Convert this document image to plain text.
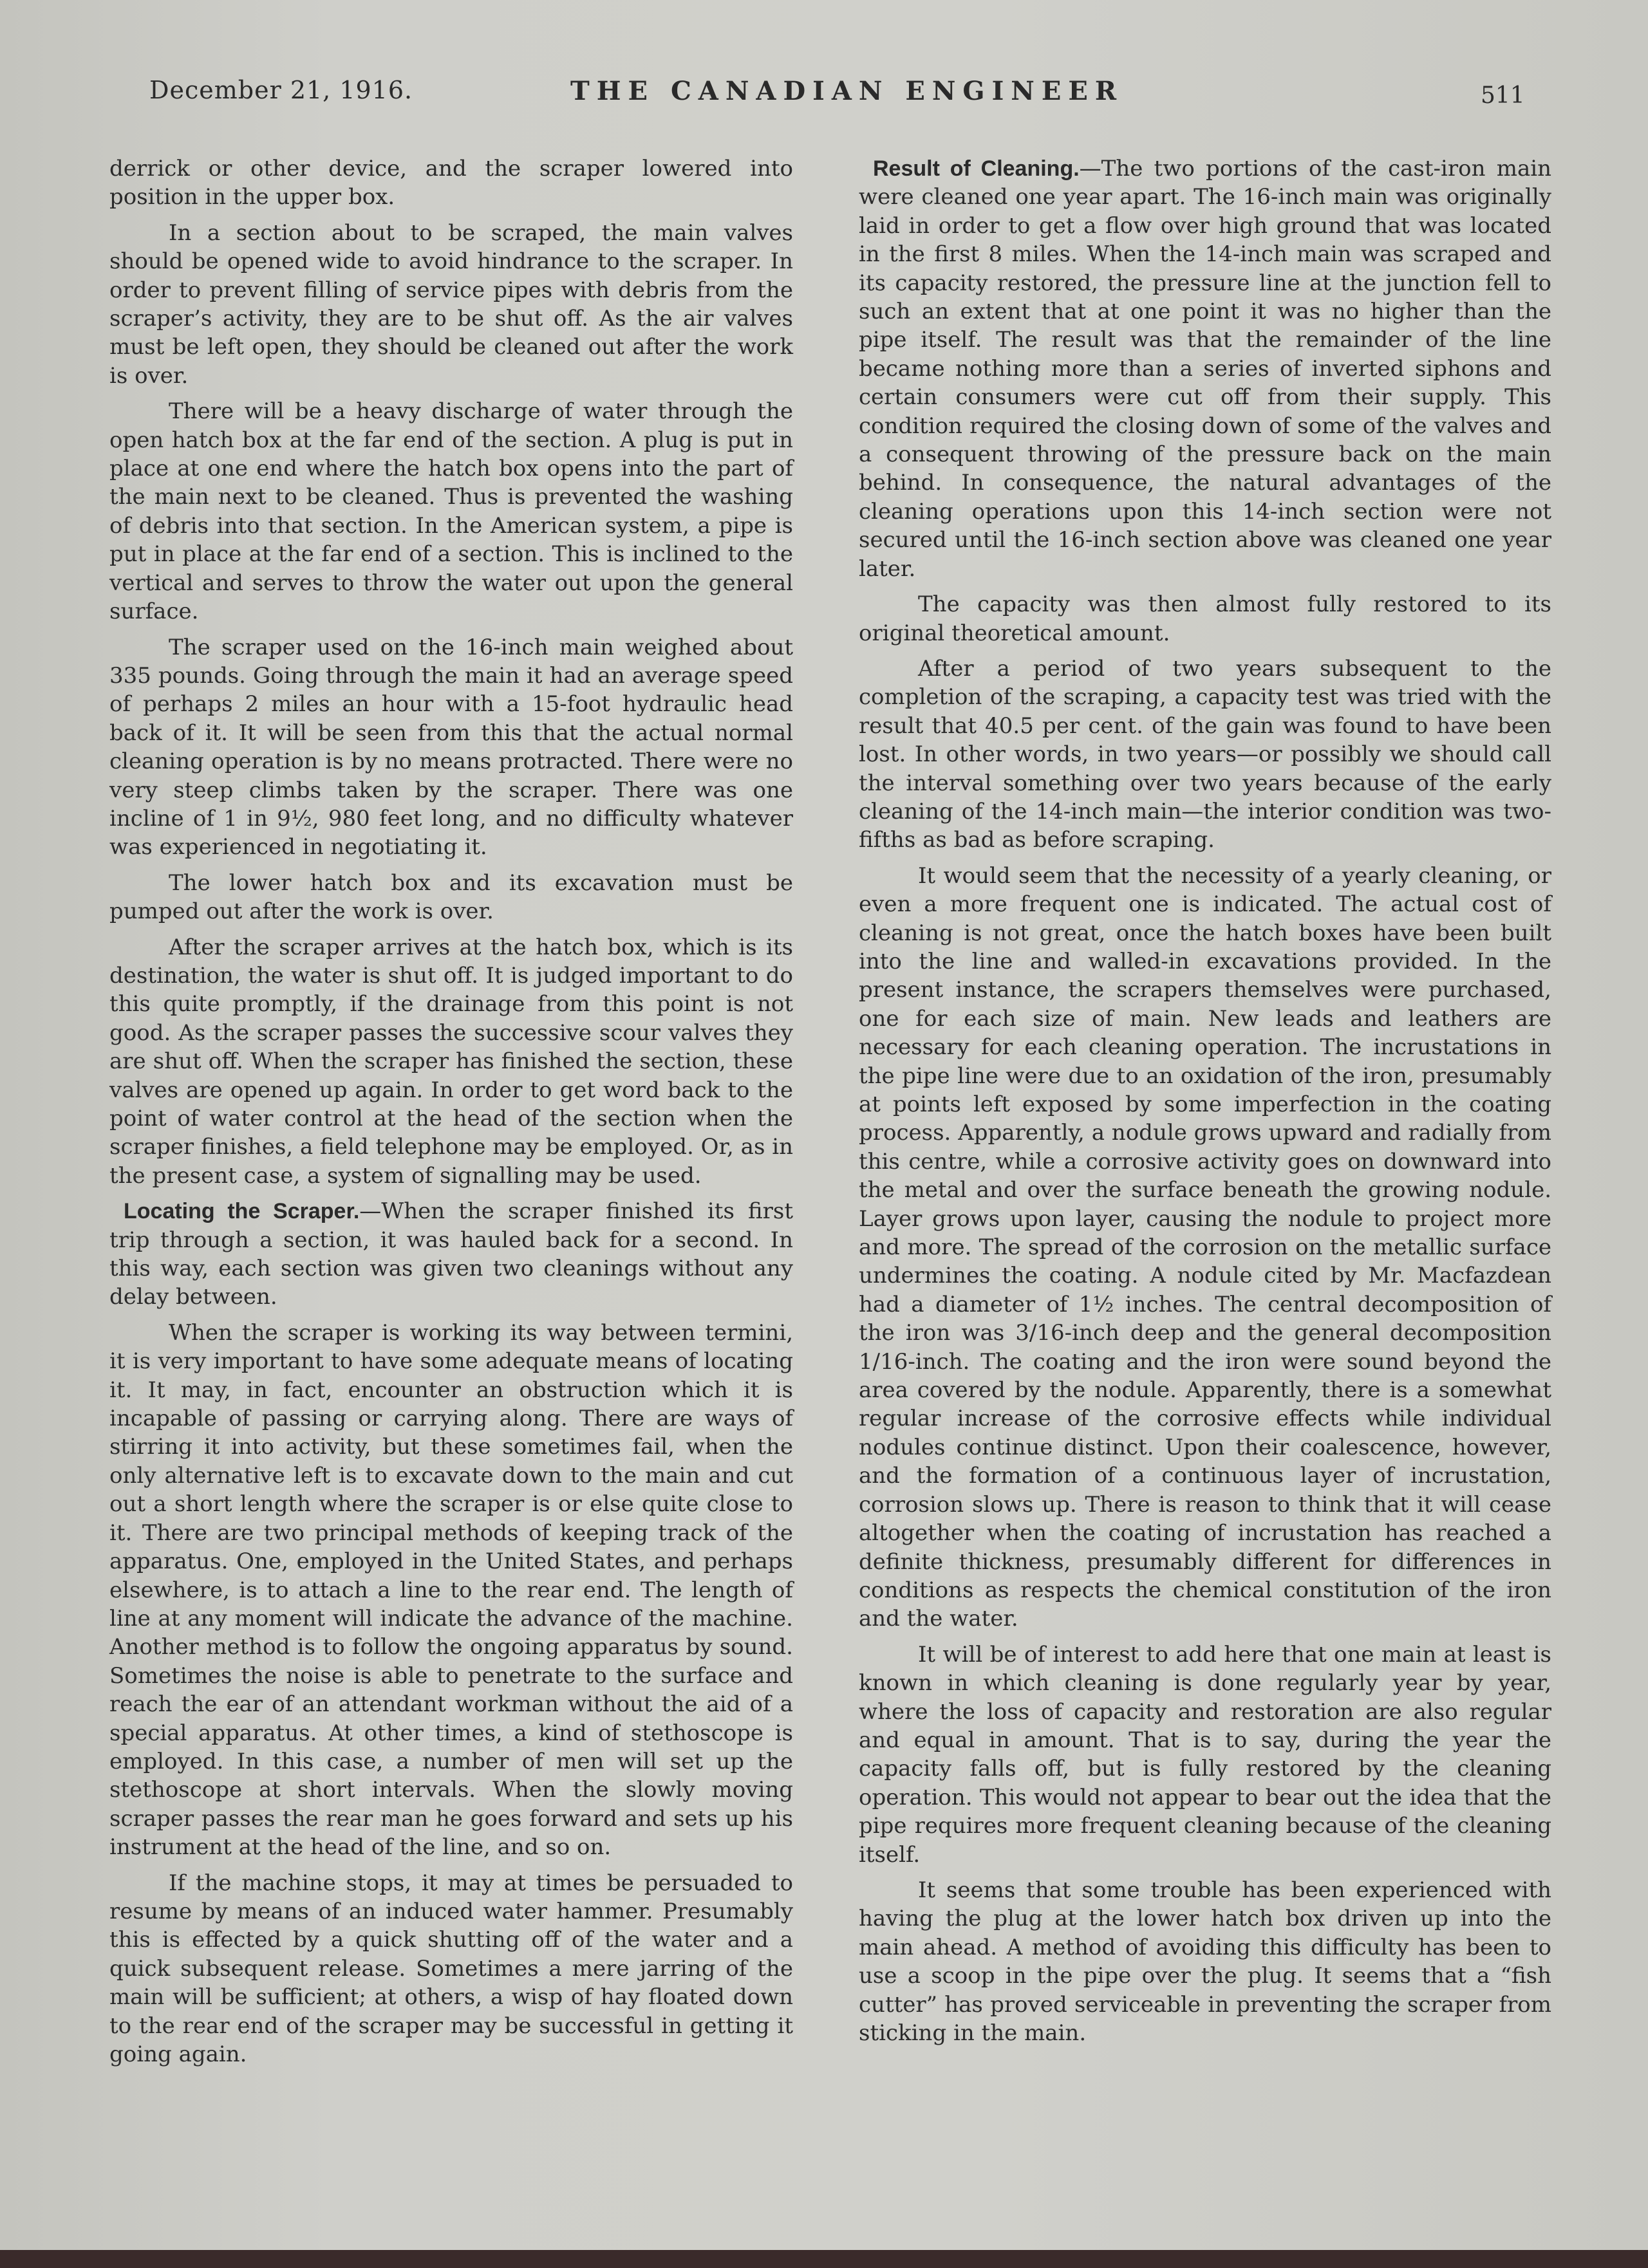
December 21, 1916.	THE CANADIAN ENGINEER	511

derrick or other device, and the scraper lowered into position in the upper box.

In a section about to be scraped, the main valves should be opened wide to avoid hindrance to the scraper. In order to prevent filling of service pipes with debris from the scraper’s activity, they are to be shut off. As the air valves must be left open, they should be cleaned out after the work is over.

There will be a heavy discharge of water through the open hatch box at the far end of the section. A plug is put in place at one end where the hatch box opens into the part of the main next to be cleaned. Thus is prevented the washing of debris into that section. In the American system, a pipe is put in place at the far end of a section. This is inclined to the vertical and serves to throw the water out upon the general surface.

The scraper used on the 16-inch main weighed about 335 pounds. Going through the main it had an average speed of perhaps 2 miles an hour with a 15-foot hydraulic head back of it. It will be seen from this that the actual normal cleaning operation is by no means protracted. There were no very steep climbs taken by the scraper. There was one incline of 1 in 9½, 980 feet long, and no difficulty whatever was experienced in negotiating it.

The lower hatch box and its excavation must be pumped out after the work is over.

After the scraper arrives at the hatch box, which is its destination, the water is shut off. It is judged important to do this quite promptly, if the drainage from this point is not good. As the scraper passes the successive scour valves they are shut off. When the scraper has finished the section, these valves are opened up again. In order to get word back to the point of water control at the head of the section when the scraper finishes, a field telephone may be employed. Or, as in the present case, a system of signalling may be used.

Locating the Scraper.—When the scraper finished its first trip through a section, it was hauled back for a second. In this way, each section was given two cleanings without any delay between.

When the scraper is working its way between termini, it is very important to have some adequate means of locating it. It may, in fact, encounter an obstruction which it is incapable of passing or carrying along. There are ways of stirring it into activity, but these sometimes fail, when the only alternative left is to excavate down to the main and cut out a short length where the scraper is or else quite close to it. There are two principal methods of keeping track of the apparatus. One, employed in the United States, and perhaps elsewhere, is to attach a line to the rear end. The length of line at any moment will indicate the advance of the machine. Another method is to follow the ongoing apparatus by sound. Sometimes the noise is able to penetrate to the surface and reach the ear of an attendant workman without the aid of a special apparatus. At other times, a kind of stethoscope is employed. In this case, a number of men will set up the stethoscope at short intervals. When the slowly moving scraper passes the rear man he goes forward and sets up his instrument at the head of the line, and so on.

If the machine stops, it may at times be persuaded to resume by means of an induced water hammer. Presumably this is effected by a quick shutting off of the water and a quick subsequent release. Sometimes a mere jarring of the main will be sufficient; at others, a wisp of hay floated down to the rear end of the scraper may be successful in getting it going again.

Result of Cleaning.—The two portions of the cast-iron main were cleaned one year apart. The 16-inch main was originally laid in order to get a flow over high ground that was located in the first 8 miles. When the 14-inch main was scraped and its capacity restored, the pressure line at the junction fell to such an extent that at one point it was no higher than the pipe itself. The result was that the remainder of the line became nothing more than a series of inverted siphons and certain consumers were cut off from their supply. This condition required the closing down of some of the valves and a consequent throwing of the pressure back on the main behind. In consequence, the natural advantages of the cleaning operations upon this 14-inch section were not secured until the 16-inch section above was cleaned one year later.

The capacity was then almost fully restored to its original theoretical amount.

After a period of two years subsequent to the completion of the scraping, a capacity test was tried with the result that 40.5 per cent. of the gain was found to have been lost. In other words, in two years—or possibly we should call the interval something over two years because of the early cleaning of the 14-inch main—the interior condition was two-fifths as bad as before scraping.

It would seem that the necessity of a yearly cleaning, or even a more frequent one is indicated. The actual cost of cleaning is not great, once the hatch boxes have been built into the line and walled-in excavations provided. In the present instance, the scrapers themselves were purchased, one for each size of main. New leads and leathers are necessary for each cleaning operation. The incrustations in the pipe line were due to an oxidation of the iron, presumably at points left exposed by some imperfection in the coating process. Apparently, a nodule grows upward and radially from this centre, while a corrosive activity goes on downward into the metal and over the surface beneath the growing nodule. Layer grows upon layer, causing the nodule to project more and more. The spread of the corrosion on the metallic surface undermines the coating. A nodule cited by Mr. Macfazdean had a diameter of 1½ inches. The central decomposition of the iron was 3/16-inch deep and the general decomposition 1/16-inch. The coating and the iron were sound beyond the area covered by the nodule. Apparently, there is a somewhat regular increase of the corrosive effects while individual nodules continue distinct. Upon their coalescence, however, and the formation of a continuous layer of incrustation, corrosion slows up. There is reason to think that it will cease altogether when the coating of incrustation has reached a definite thickness, presumably different for differences in conditions as respects the chemical constitution of the iron and the water.

It will be of interest to add here that one main at least is known in which cleaning is done regularly year by year, where the loss of capacity and restoration are also regular and equal in amount. That is to say, during the year the capacity falls off, but is fully restored by the cleaning operation. This would not appear to bear out the idea that the pipe requires more frequent cleaning because of the cleaning itself.

It seems that some trouble has been experienced with having the plug at the lower hatch box driven up into the main ahead. A method of avoiding this difficulty has been to use a scoop in the pipe over the plug. It seems that a “fish cutter” has proved serviceable in preventing the scraper from sticking in the main.
